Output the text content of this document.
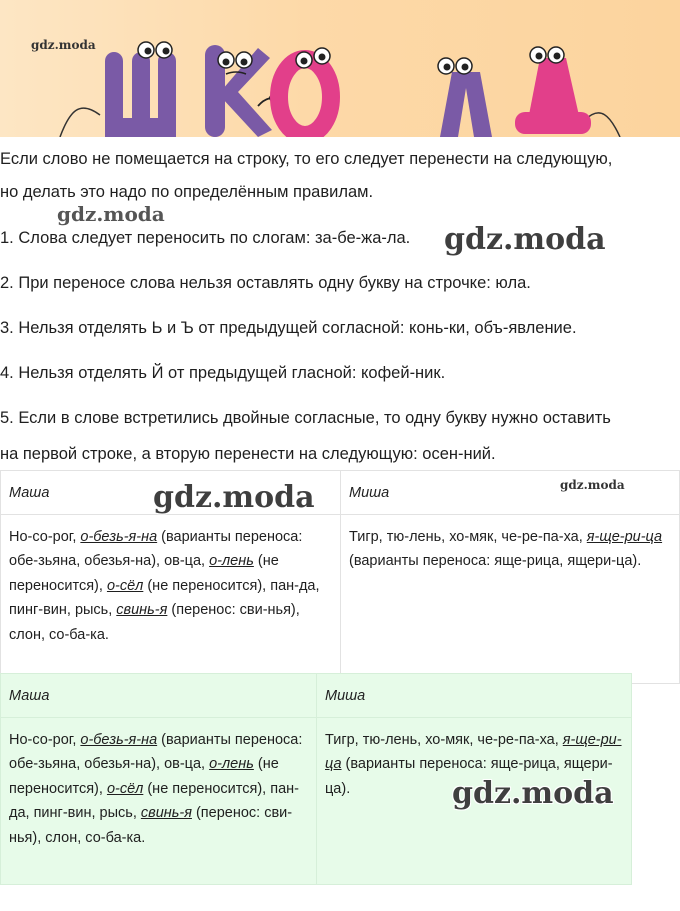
gdz.moda
Если слово не помещается на строку, то его следует перенести на следующую,
но делать это надо по определённым правилам.
1. Слова следует переносить по слогам: за-бе-жа-ла.
2. При переносе слова нельзя оставлять одну букву на строчке: юла.
3. Нельзя отделять Ь и Ъ от предыдущей согласной: конь-ки, объ-явление.
4. Нельзя отделять Й от предыдущей гласной: кофей-ник.
5. Если в слове встретились двойные согласные, то одну букву нужно оставить
на первой строке, а вторую перенести на следующую: осен-ний.
Маша	Миша
Но-со-рог, о-безь-я-на (варианты переноса: обе-зьяна, обезья-на), ов-ца, о-лень (не переносится), о-сёл (не переносится), пан-да, пинг-вин, рысь, свинь-я (перенос: сви-нья), слон, со-ба-ка.	Тигр, тю-лень, хо-мяк, че-ре-па-ха, я-ще-ри-ца (варианты переноса: яще-рица, ящери-ца).
Маша	Миша
Но-со-рог, о-безь-я-на (варианты переноса: обе-зьяна, обезья-на), ов-ца, о-лень (не переносится), о-сёл (не переносится), пан-да, пинг-вин, рысь, свинь-я (перенос: сви-нья), слон, со-ба-ка.	Тигр, тю-лень, хо-мяк, че-ре-па-ха, я-ще-ри-ца (варианты переноса: яще-рица, ящери-ца).
gdz.moda
gdz.moda
gdz.moda	gdz.moda
gdz.moda
